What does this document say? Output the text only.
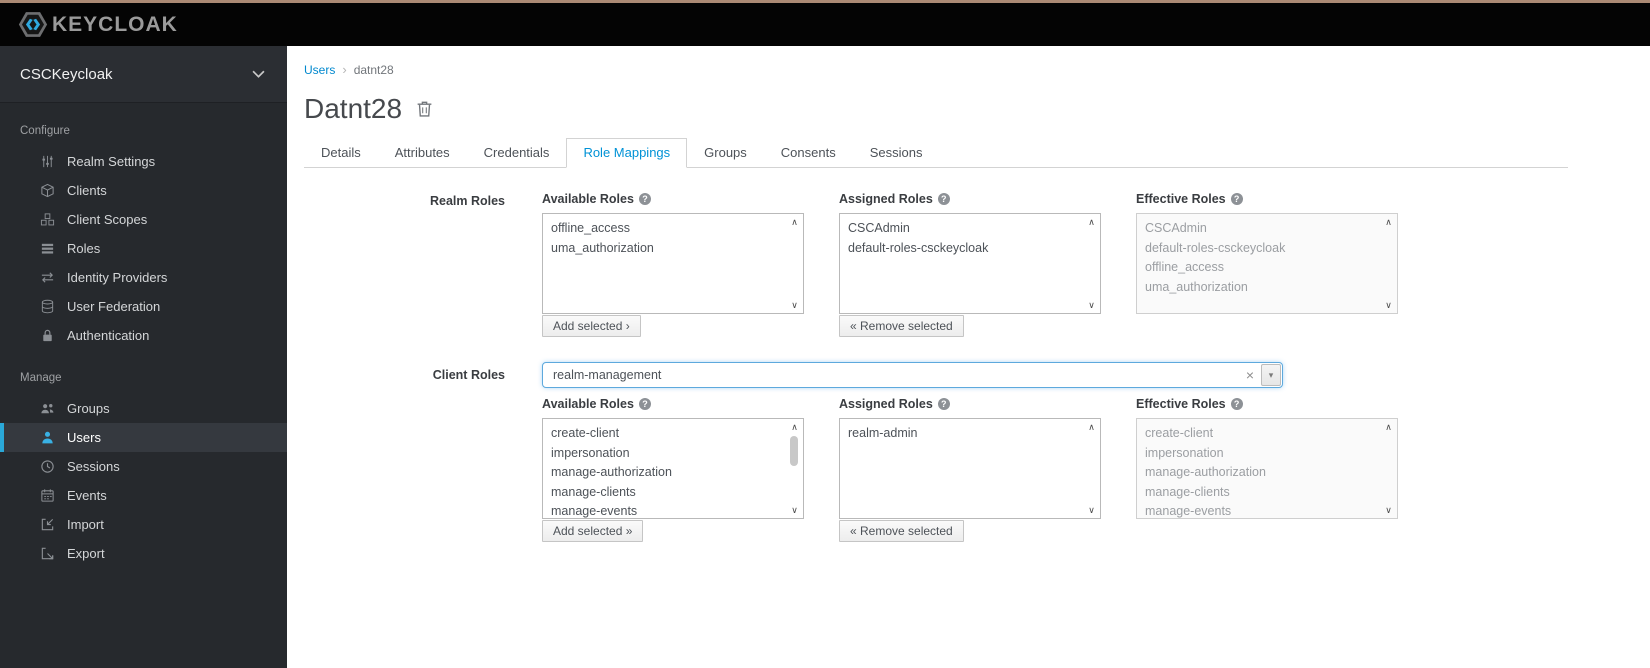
KEYCLOAK
CSCKeycloak
Configure
Realm Settings
Clients
Client Scopes
Roles
Identity Providers
User Federation
Authentication
Manage
Groups
Users
Sessions
Events
Import
Export
Users › datnt28
Datnt28
Details	Attributes	Credentials	Role Mappings	Groups	Consents	Sessions
Realm Roles	Available Roles ?
offline_access
uma_authorization
∧
∨
Add selected ›
Assigned Roles ?
CSCAdmin
default-roles-csckeycloak
∧
∨
« Remove selected
Effective Roles ?
CSCAdmin
default-roles-csckeycloak
offline_access
uma_authorization
∧
∨
Client Roles	realm-management	× ▾
Available Roles ?
create-client
impersonation
manage-authorization
manage-clients
manage-events
∧
∨
Add selected »
Assigned Roles ?
realm-admin	∧
∨
« Remove selected
Effective Roles ?
create-client
impersonation
manage-authorization
manage-clients
manage-events
∧
∨
